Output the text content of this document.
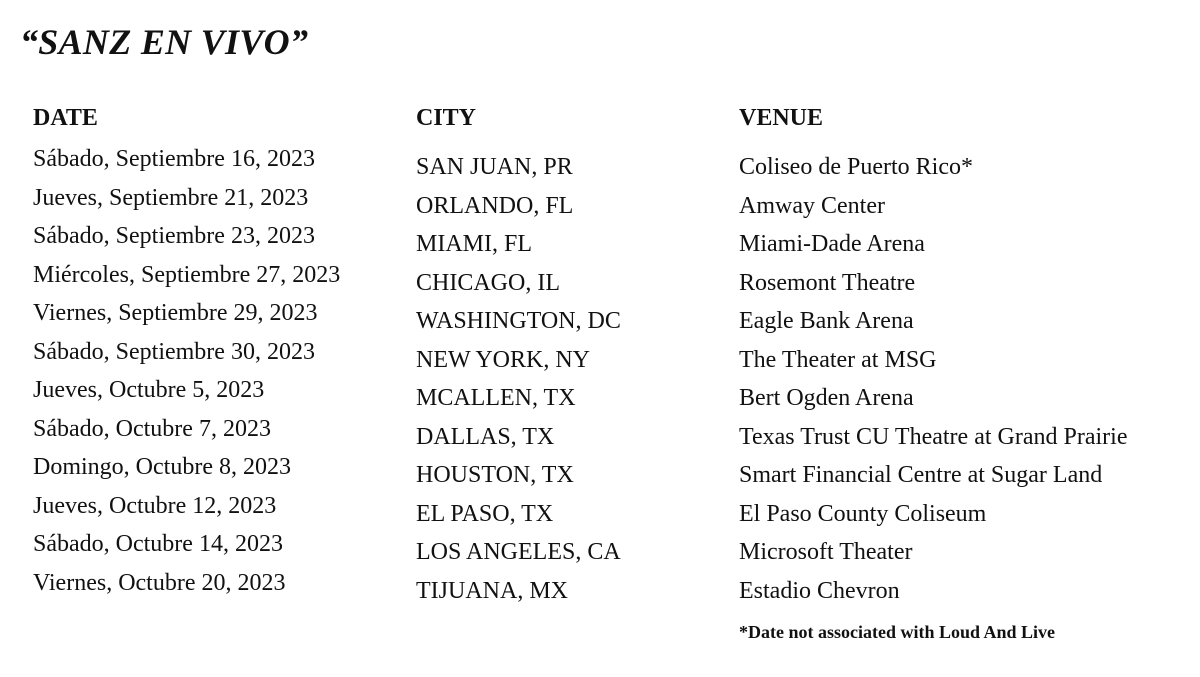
“SANZ EN VIVO”
DATE
Sábado, Septiembre 16, 2023
Jueves, Septiembre 21, 2023
Sábado, Septiembre 23, 2023
Miércoles, Septiembre 27, 2023
Viernes, Septiembre 29, 2023
Sábado, Septiembre 30, 2023
Jueves, Octubre 5, 2023
Sábado, Octubre 7, 2023
Domingo, Octubre 8, 2023
Jueves, Octubre 12, 2023
Sábado, Octubre 14, 2023
Viernes, Octubre 20, 2023
CITY
SAN JUAN, PR
ORLANDO, FL
MIAMI, FL
CHICAGO, IL
WASHINGTON, DC
NEW YORK, NY
MCALLEN, TX
DALLAS, TX
HOUSTON, TX
EL PASO, TX
LOS ANGELES, CA
TIJUANA, MX
VENUE
Coliseo de Puerto Rico*
Amway Center
Miami-Dade Arena
Rosemont Theatre
Eagle Bank Arena
The Theater at MSG
Bert Ogden Arena
Texas Trust CU Theatre at Grand Prairie
Smart Financial Centre at Sugar Land
El Paso County Coliseum
Microsoft Theater
Estadio Chevron
*Date not associated with Loud And Live
